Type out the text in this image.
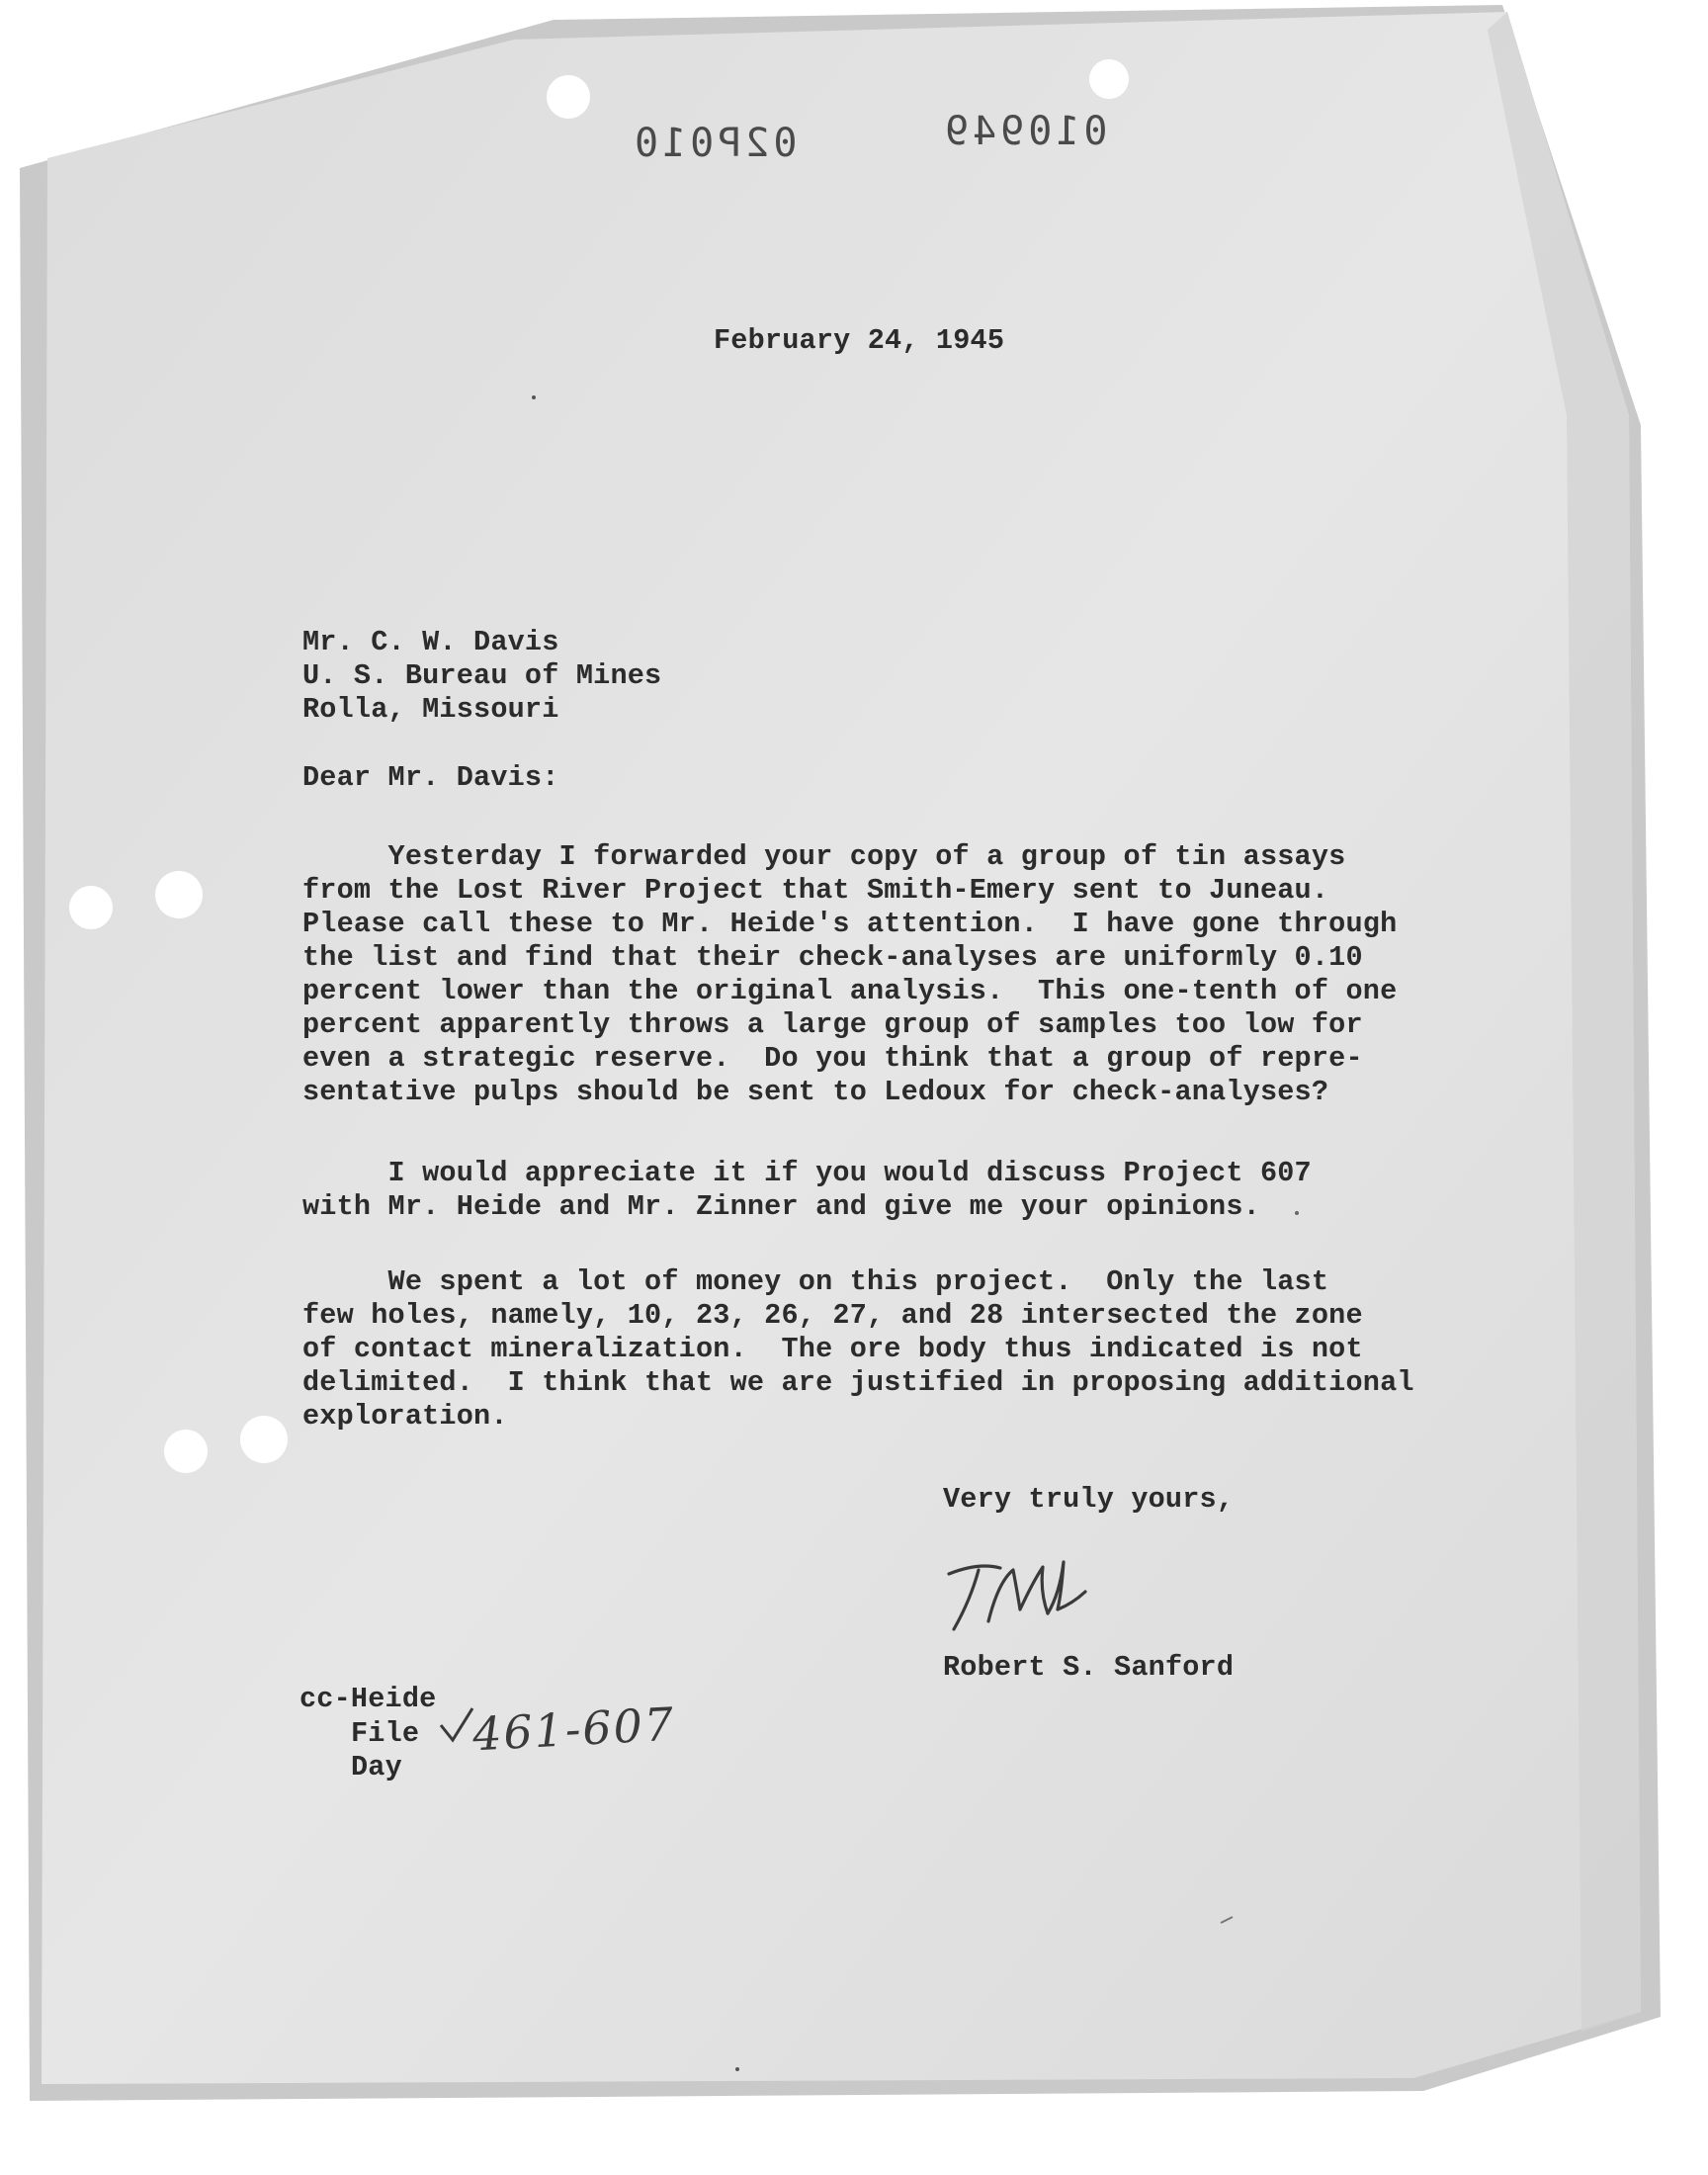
02P010	010949
February 24, 1945
Mr. C. W. Davis
U. S. Bureau of Mines
Rolla, Missouri
Dear Mr. Davis:
Yesterday I forwarded your copy of a group of tin assays
from the Lost River Project that Smith-Emery sent to Juneau.
Please call these to Mr. Heide's attention.  I have gone through
the list and find that their check-analyses are uniformly 0.10
percent lower than the original analysis.  This one-tenth of one
percent apparently throws a large group of samples too low for
even a strategic reserve.  Do you think that a group of repre-
sentative pulps should be sent to Ledoux for check-analyses?
I would appreciate it if you would discuss Project 607
with Mr. Heide and Mr. Zinner and give me your opinions.
We spent a lot of money on this project.  Only the last
few holes, namely, 10, 23, 26, 27, and 28 intersected the zone
of contact mineralization.  The ore body thus indicated is not
delimited.  I think that we are justified in proposing additional
exploration.
Very truly yours,
Robert S. Sanford
cc-Heide
File
Day
461-607
